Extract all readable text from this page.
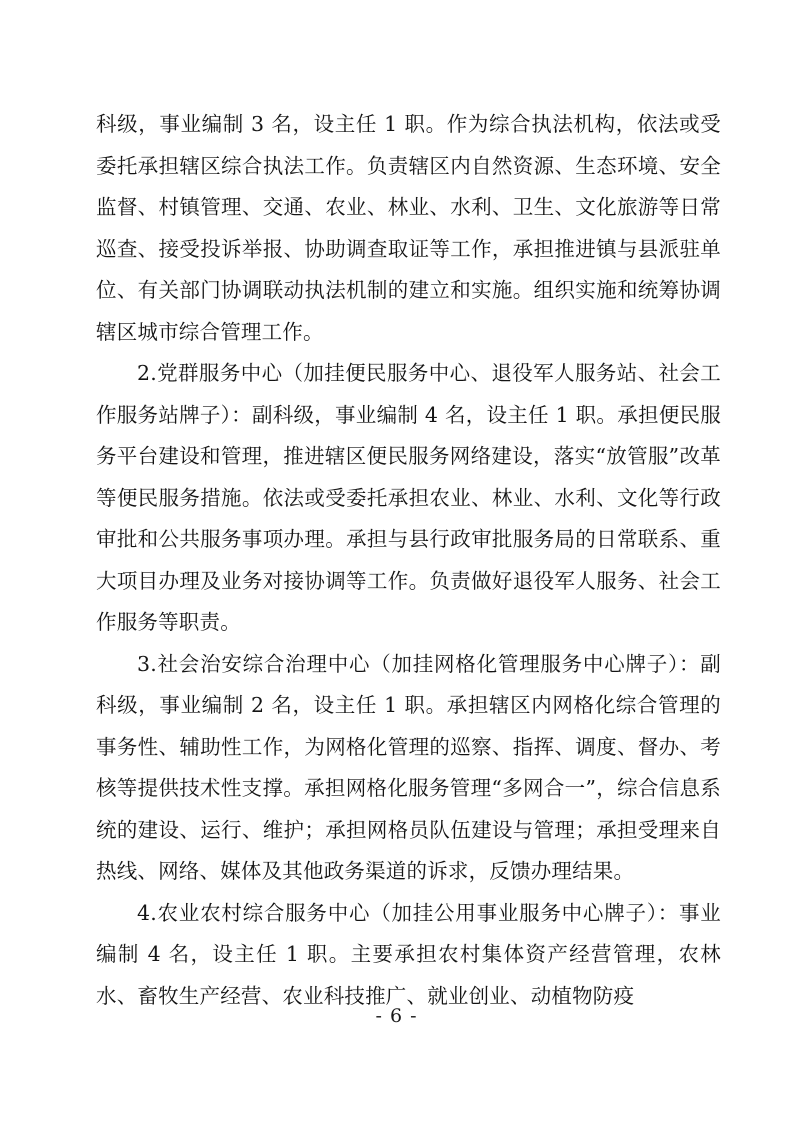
科级，事业编制 3 名，设主任 1 职。作为综合执法机构，依法或受委托承担辖区综合执法工作。负责辖区内自然资源、生态环境、安全监督、村镇管理、交通、农业、林业、水利、卫生、文化旅游等日常巡查、接受投诉举报、协助调查取证等工作，承担推进镇与县派驻单位、有关部门协调联动执法机制的建立和实施。组织实施和统筹协调辖区城市综合管理工作。

2.党群服务中心（加挂便民服务中心、退役军人服务站、社会工作服务站牌子）：副科级，事业编制 4 名，设主任 1 职。承担便民服务平台建设和管理，推进辖区便民服务网络建设，落实“放管服”改革等便民服务措施。依法或受委托承担农业、林业、水利、文化等行政审批和公共服务事项办理。承担与县行政审批服务局的日常联系、重大项目办理及业务对接协调等工作。负责做好退役军人服务、社会工作服务等职责。

3.社会治安综合治理中心（加挂网格化管理服务中心牌子）：副科级，事业编制 2 名，设主任 1 职。承担辖区内网格化综合管理的事务性、辅助性工作，为网格化管理的巡察、指挥、调度、督办、考核等提供技术性支撑。承担网格化服务管理“多网合一”，综合信息系统的建设、运行、维护；承担网格员队伍建设与管理；承担受理来自热线、网络、媒体及其他政务渠道的诉求，反馈办理结果。

4.农业农村综合服务中心（加挂公用事业服务中心牌子）：事业编制 4 名，设主任 1 职。主要承担农村集体资产经营管理，农林水、畜牧生产经营、农业科技推广、就业创业、动植物防疫

- 6 -
